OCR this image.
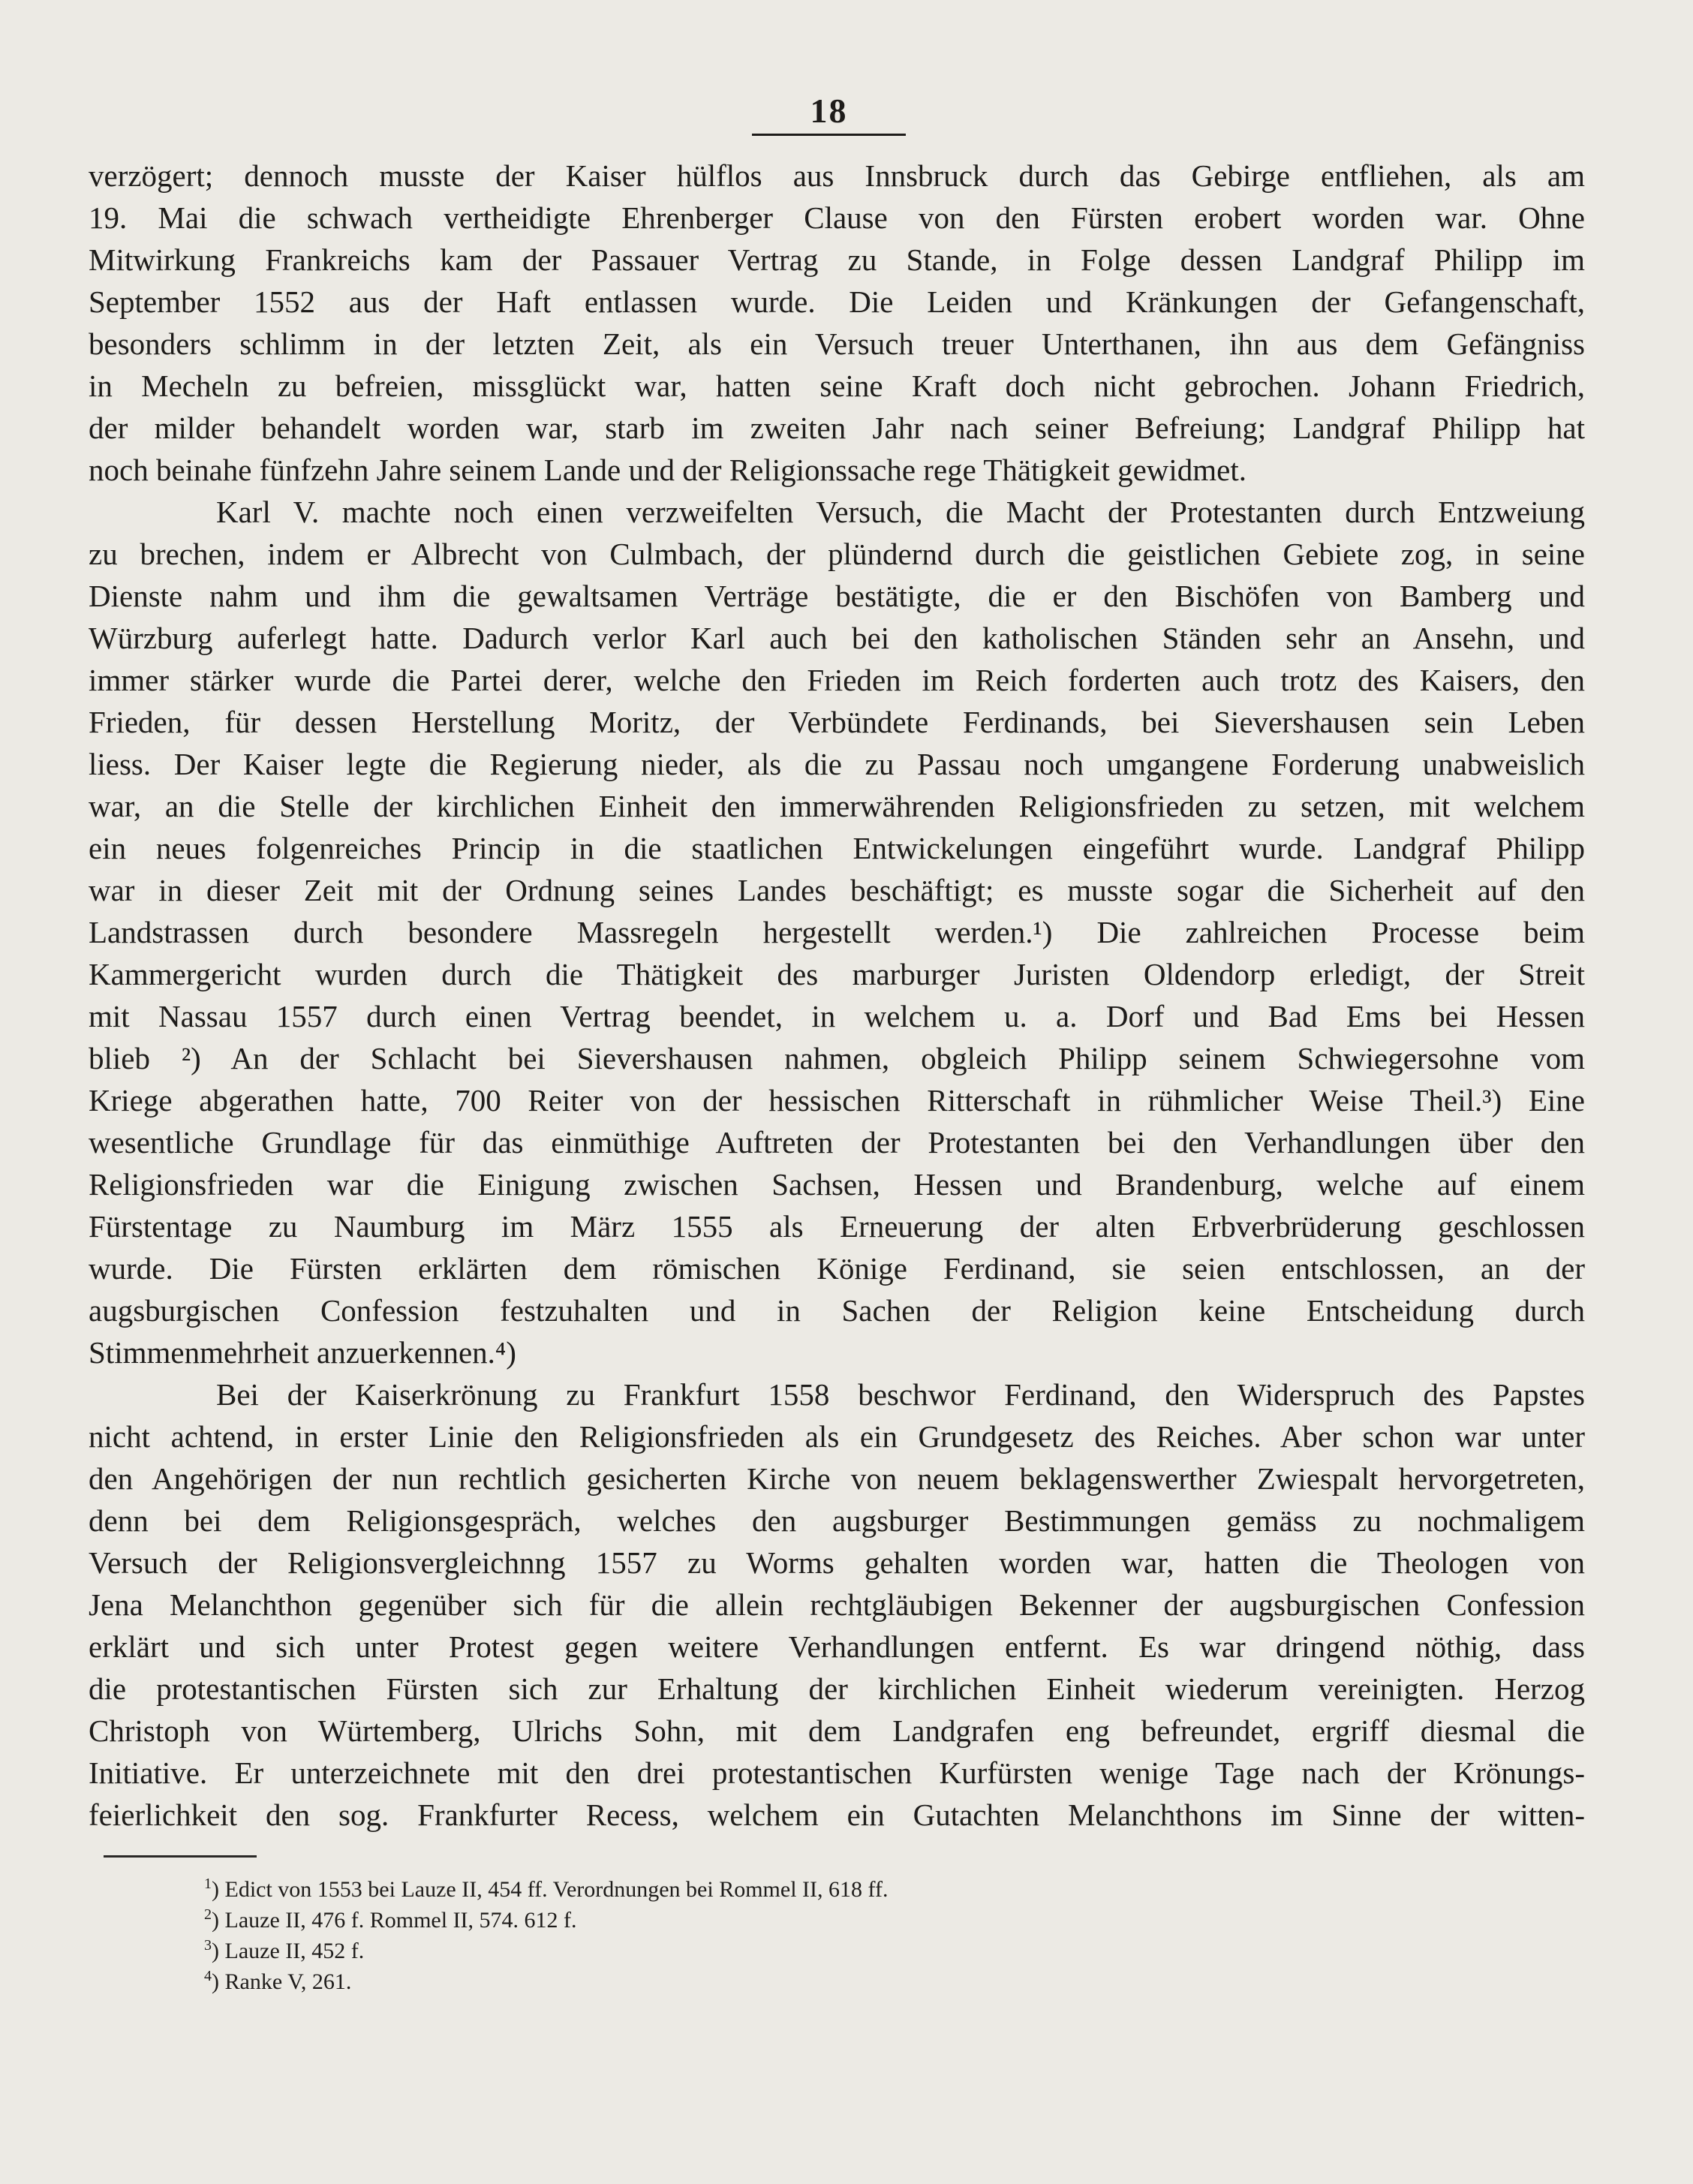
18
verzögert; dennoch musste der Kaiser hülflos aus Innsbruck durch das Gebirge entfliehen, als am
19. Mai die schwach vertheidigte Ehrenberger Clause von den Fürsten erobert worden war. Ohne
Mitwirkung Frankreichs kam der Passauer Vertrag zu Stande, in Folge dessen Landgraf Philipp im
September 1552 aus der Haft entlassen wurde. Die Leiden und Kränkungen der Gefangenschaft,
besonders schlimm in der letzten Zeit, als ein Versuch treuer Unterthanen, ihn aus dem Gefängniss
in Mecheln zu befreien, missglückt war, hatten seine Kraft doch nicht gebrochen. Johann Friedrich,
der milder behandelt worden war, starb im zweiten Jahr nach seiner Befreiung; Landgraf Philipp hat
noch beinahe fünfzehn Jahre seinem Lande und der Religionssache rege Thätigkeit gewidmet.
Karl V. machte noch einen verzweifelten Versuch, die Macht der Protestanten durch Entzweiung
zu brechen, indem er Albrecht von Culmbach, der plündernd durch die geistlichen Gebiete zog, in seine
Dienste nahm und ihm die gewaltsamen Verträge bestätigte, die er den Bischöfen von Bamberg und
Würzburg auferlegt hatte. Dadurch verlor Karl auch bei den katholischen Ständen sehr an Ansehn, und
immer stärker wurde die Partei derer, welche den Frieden im Reich forderten auch trotz des Kaisers, den
Frieden, für dessen Herstellung Moritz, der Verbündete Ferdinands, bei Sievershausen sein Leben
liess. Der Kaiser legte die Regierung nieder, als die zu Passau noch umgangene Forderung unabweislich
war, an die Stelle der kirchlichen Einheit den immerwährenden Religionsfrieden zu setzen, mit welchem
ein neues folgenreiches Princip in die staatlichen Entwickelungen eingeführt wurde. Landgraf Philipp
war in dieser Zeit mit der Ordnung seines Landes beschäftigt; es musste sogar die Sicherheit auf den
Landstrassen durch besondere Massregeln hergestellt werden.¹) Die zahlreichen Processe beim
Kammergericht wurden durch die Thätigkeit des marburger Juristen Oldendorp erledigt, der Streit
mit Nassau 1557 durch einen Vertrag beendet, in welchem u. a. Dorf und Bad Ems bei Hessen
blieb ²) An der Schlacht bei Sievershausen nahmen, obgleich Philipp seinem Schwiegersohne vom
Kriege abgerathen hatte, 700 Reiter von der hessischen Ritterschaft in rühmlicher Weise Theil.³) Eine
wesentliche Grundlage für das einmüthige Auftreten der Protestanten bei den Verhandlungen über den
Religionsfrieden war die Einigung zwischen Sachsen, Hessen und Brandenburg, welche auf einem
Fürstentage zu Naumburg im März 1555 als Erneuerung der alten Erbverbrüderung geschlossen
wurde. Die Fürsten erklärten dem römischen Könige Ferdinand, sie seien entschlossen, an der
augsburgischen Confession festzuhalten und in Sachen der Religion keine Entscheidung durch
Stimmenmehrheit anzuerkennen.⁴)
Bei der Kaiserkrönung zu Frankfurt 1558 beschwor Ferdinand, den Widerspruch des Papstes
nicht achtend, in erster Linie den Religionsfrieden als ein Grundgesetz des Reiches. Aber schon war unter
den Angehörigen der nun rechtlich gesicherten Kirche von neuem beklagenswerther Zwiespalt hervorgetreten,
denn bei dem Religionsgespräch, welches den augsburger Bestimmungen gemäss zu nochmaligem
Versuch der Religionsvergleichnng 1557 zu Worms gehalten worden war, hatten die Theologen von
Jena Melanchthon gegenüber sich für die allein rechtgläubigen Bekenner der augsburgischen Confession
erklärt und sich unter Protest gegen weitere Verhandlungen entfernt. Es war dringend nöthig, dass
die protestantischen Fürsten sich zur Erhaltung der kirchlichen Einheit wiederum vereinigten. Herzog
Christoph von Würtemberg, Ulrichs Sohn, mit dem Landgrafen eng befreundet, ergriff diesmal die
Initiative. Er unterzeichnete mit den drei protestantischen Kurfürsten wenige Tage nach der Krönungs-
feierlichkeit den sog. Frankfurter Recess, welchem ein Gutachten Melanchthons im Sinne der witten-
$^1$) Edict von 1553 bei Lauze II, 454 ff. Verordnungen bei Rommel II, 618 ff.
$^2$) Lauze II, 476 f. Rommel II, 574. 612 f.
$^3$) Lauze II, 452 f.
$^4$) Ranke V, 261.
